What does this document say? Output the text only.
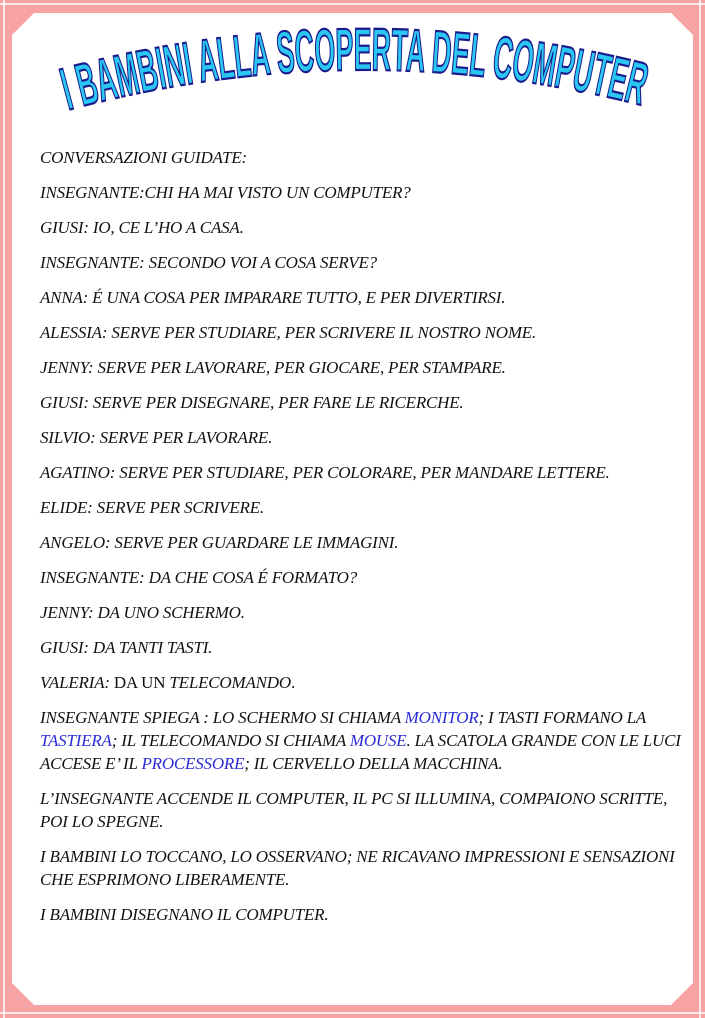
I BAMBINI ALLA SCOPERTA DEL COMPUTER

CONVERSAZIONI GUIDATE:

INSEGNANTE:CHI HA MAI VISTO UN COMPUTER?

GIUSI: IO, CE L’HO A CASA.

INSEGNANTE: SECONDO VOI A COSA SERVE?

ANNA: É UNA COSA PER IMPARARE TUTTO, E PER DIVERTIRSI.

ALESSIA: SERVE PER STUDIARE, PER SCRIVERE IL NOSTRO NOME.

JENNY: SERVE PER LAVORARE, PER GIOCARE, PER STAMPARE.

GIUSI: SERVE PER DISEGNARE, PER FARE LE RICERCHE.

SILVIO: SERVE PER LAVORARE.

AGATINO: SERVE PER STUDIARE, PER COLORARE, PER MANDARE LETTERE.

ELIDE: SERVE PER SCRIVERE.

ANGELO: SERVE PER GUARDARE LE IMMAGINI.

INSEGNANTE: DA CHE COSA É FORMATO?

JENNY: DA UNO SCHERMO.

GIUSI: DA TANTI TASTI.

VALERIA: DA UN TELECOMANDO.

INSEGNANTE SPIEGA : LO SCHERMO SI CHIAMA MONITOR; I TASTI FORMANO LA TASTIERA; IL TELECOMANDO SI CHIAMA MOUSE. LA SCATOLA GRANDE CON LE LUCI ACCESE E’ IL PROCESSORE; IL CERVELLO DELLA MACCHINA.

L’INSEGNANTE ACCENDE IL COMPUTER, IL PC SI ILLUMINA, COMPAIONO SCRITTE, POI LO SPEGNE.

I BAMBINI LO TOCCANO, LO OSSERVANO; NE RICAVANO IMPRESSIONI E SENSAZIONI CHE ESPRIMONO LIBERAMENTE.

I BAMBINI DISEGNANO IL COMPUTER.
